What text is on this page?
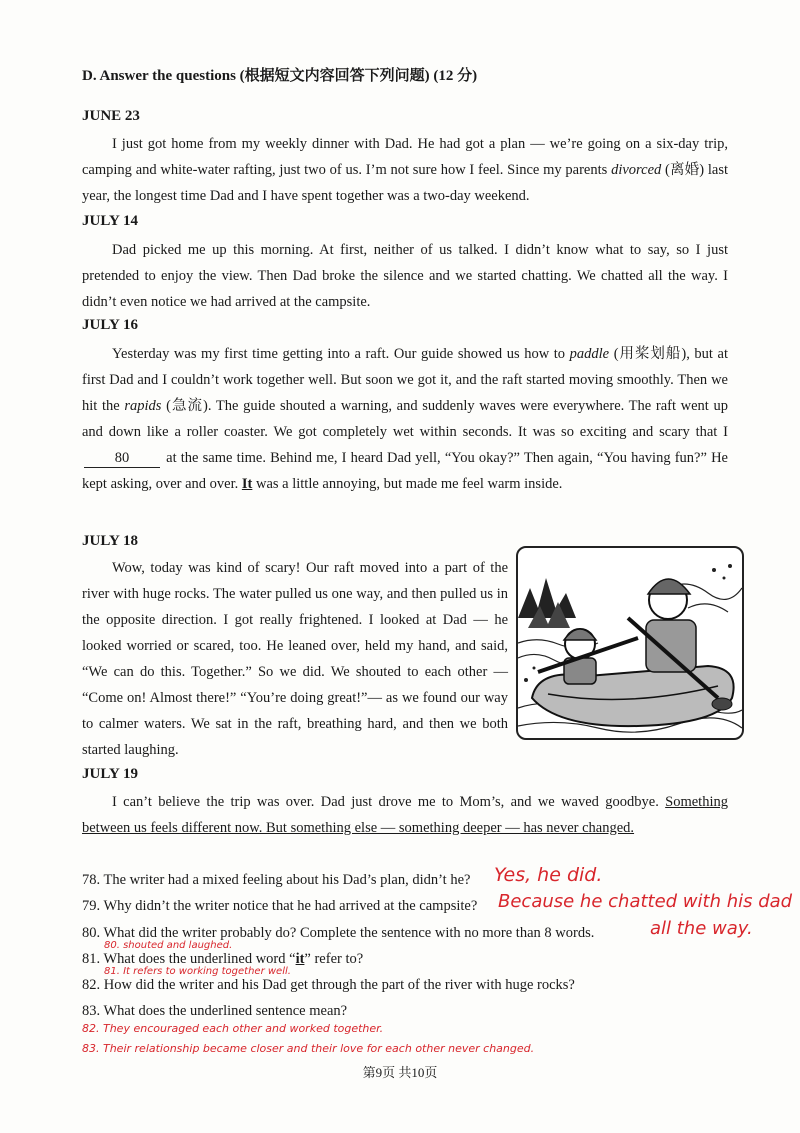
D. Answer the questions (根据短文内容回答下列问题) (12 分)
JUNE 23
I just got home from my weekly dinner with Dad. He had got a plan — we’re going on a six-day trip, camping and white-water rafting, just two of us. I’m not sure how I feel. Since my parents divorced (离婚) last year, the longest time Dad and I have spent together was a two-day weekend.
JULY 14
Dad picked me up this morning. At first, neither of us talked. I didn’t know what to say, so I just pretended to enjoy the view. Then Dad broke the silence and we started chatting. We chatted all the way. I didn’t even notice we had arrived at the campsite.
JULY 16
Yesterday was my first time getting into a raft. Our guide showed us how to paddle (用桨划船), but at first Dad and I couldn’t work together well. But soon we got it, and the raft started moving smoothly. Then we hit the rapids (急流). The guide shouted a warning, and suddenly waves were everywhere. The raft went up and down like a roller coaster. We got completely wet within seconds. It was so exciting and scary that I 80 at the same time. Behind me, I heard Dad yell, “You okay?” Then again, “You having fun?” He kept asking, over and over. It was a little annoying, but made me feel warm inside.
JULY 18
Wow, today was kind of scary! Our raft moved into a part of the river with huge rocks. The water pulled us one way, and then pulled us in the opposite direction. I got really frightened. I looked at Dad — he looked worried or scared, too. He leaned over, held my hand, and said, “We can do this. Together.” So we did. We shouted to each other — “Come on! Almost there!” “You’re doing great!”— as we found our way to calmer waters. We sat in the raft, breathing hard, and then we both started laughing.
JULY 19
I can’t believe the trip was over. Dad just drove me to Mom’s, and we waved goodbye. Something between us feels different now. But something else — something deeper — has never changed.
78. The writer had a mixed feeling about his Dad’s plan, didn’t he?
79. Why didn’t the writer notice that he had arrived at the campsite?
80. What did the writer probably do? Complete the sentence with no more than 8 words.
81. What does the underlined word “it” refer to?
82. How did the writer and his Dad get through the part of the river with huge rocks?
83. What does the underlined sentence mean?
Yes, he did.
Because he chatted with his dad
all the way.
80. shouted and laughed.
81. It refers to working together well.
82. They encouraged each other and worked together.
83. Their relationship became closer and their love for each other never changed.
第9页 共10页
